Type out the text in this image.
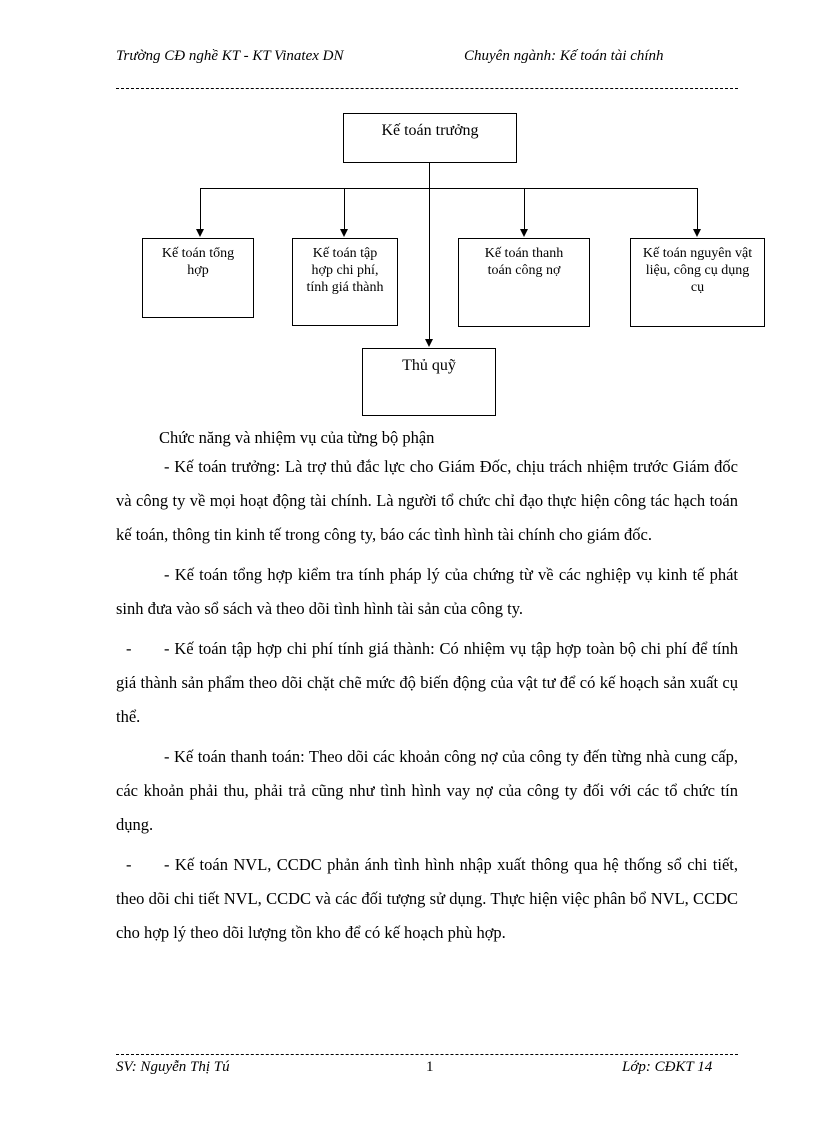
Trường CĐ nghề KT - KT Vinatex DN	Chuyên ngành: Kế toán tài chính
Kế toán trưởng
Kế toán tổng hợp
Kế toán tập hợp chi phí, tính giá thành
Kế toán thanh toán công nợ
Kế toán nguyên vật liệu, công cụ dụng cụ
Thủ quỹ
Chức năng và nhiệm vụ của từng bộ phận

- Kế toán trưởng: Là trợ thủ đắc lực cho Giám Đốc, chịu trách nhiệm trước Giám đốc và công ty về mọi hoạt động tài chính. Là người tổ chức chỉ đạo thực hiện công tác hạch toán kế toán, thông tin kinh tế trong công ty, báo các tình hình tài chính cho giám đốc.

- Kế toán tổng hợp kiểm tra tính pháp lý của chứng từ về các nghiệp vụ kinh tế phát sinh đưa vào sổ sách và theo dõi tình hình tài sản của công ty.

- - Kế toán tập hợp chi phí tính giá thành: Có nhiệm vụ tập hợp toàn bộ chi phí để tính giá thành sản phẩm theo dõi chặt chẽ mức độ biến động của vật tư để có kế hoạch sản xuất cụ thể.

- Kế toán thanh toán: Theo dõi các khoản công nợ của công ty đến từng nhà cung cấp, các khoản phải thu, phải trả cũng như tình hình vay nợ của công ty đối với các tổ chức tín dụng.

- - Kế toán NVL, CCDC phản ánh tình hình nhập xuất thông qua hệ thống sổ chi tiết, theo dõi chi tiết NVL, CCDC và các đối tượng sử dụng. Thực hiện việc phân bổ NVL, CCDC cho hợp lý theo dõi lượng tồn kho để có kế hoạch phù hợp.
SV: Nguyễn Thị Tú	1	Lớp: CĐKT 14
